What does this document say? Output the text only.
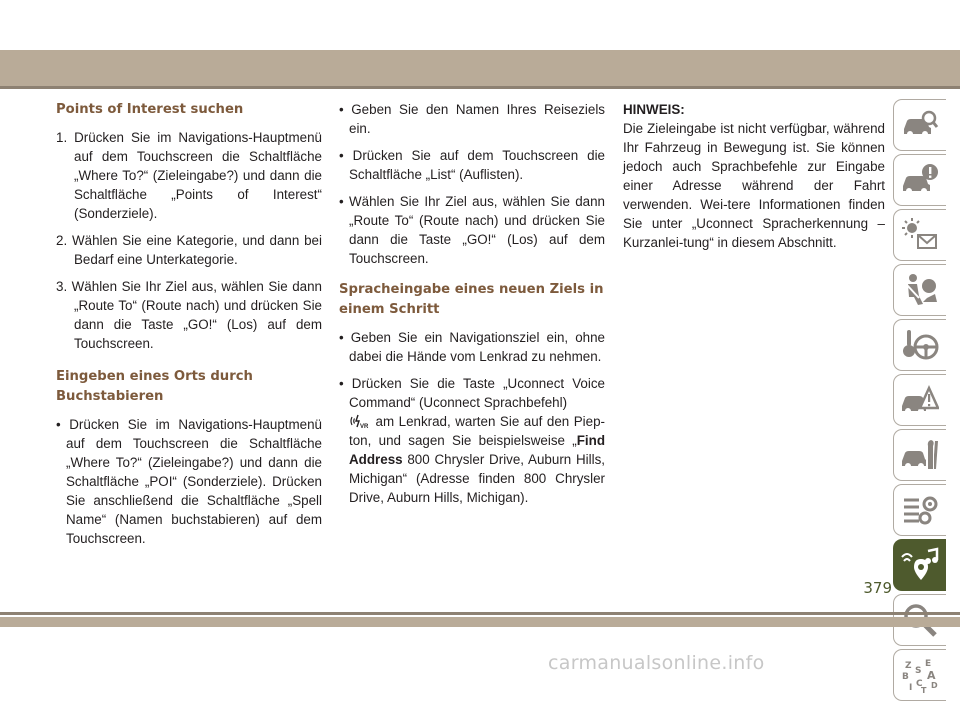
Points of Interest suchen

1. Drücken Sie im Navigations-Hauptmenü auf dem Touchscreen die Schaltfläche „Where To?“ (Zieleingabe?) und dann die Schaltfläche „Points of Interest“ (Sonderziele).

2. Wählen Sie eine Kategorie, und dann bei Bedarf eine Unterkategorie.

3. Wählen Sie Ihr Ziel aus, wählen Sie dann „Route To“ (Route nach) und drücken Sie dann die Taste „GO!“ (Los) auf dem Touchscreen.

Eingeben eines Orts durch Buchstabieren

• Drücken Sie im Navigations-Hauptmenü auf dem Touchscreen die Schaltfläche „Where To?“ (Zieleingabe?) und dann die Schaltfläche „POI“ (Sonderziele). Drücken Sie anschließend die Schaltfläche „Spell Name“ (Namen buchstabieren) auf dem Touchscreen.

• Geben Sie den Namen Ihres Reiseziels ein.

• Drücken Sie auf dem Touchscreen die Schaltfläche „List“ (Auflisten).

• Wählen Sie Ihr Ziel aus, wählen Sie dann „Route To“ (Route nach) und drücken Sie dann die Taste „GO!“ (Los) auf dem Touchscreen.

Spracheingabe eines neuen Ziels in einem Schritt

• Geben Sie ein Navigationsziel ein, ohne dabei die Hände vom Lenkrad zu nehmen.

• Drücken Sie die Taste „Uconnect Voice Command“ (Uconnect Sprachbefehl)

VR am Lenkrad, warten Sie auf den Piep-ton, und sagen Sie beispielsweise „Find Address 800 Chrysler Drive, Auburn Hills, Michigan“ (Adresse finden 800 Chrysler Drive, Auburn Hills, Michigan).

HINWEIS:

Die Zieleingabe ist nicht verfügbar, während Ihr Fahrzeug in Bewegung ist. Sie können jedoch auch Sprachbefehle zur Eingabe einer Adresse während der Fahrt verwenden. Wei-tere Informationen finden Sie unter „Uconnect Spracherkennung – Kurzanlei-tung“ in diesem Abschnitt.

Z E
B
S A
I C D
T
379
carmanualsonline.info
